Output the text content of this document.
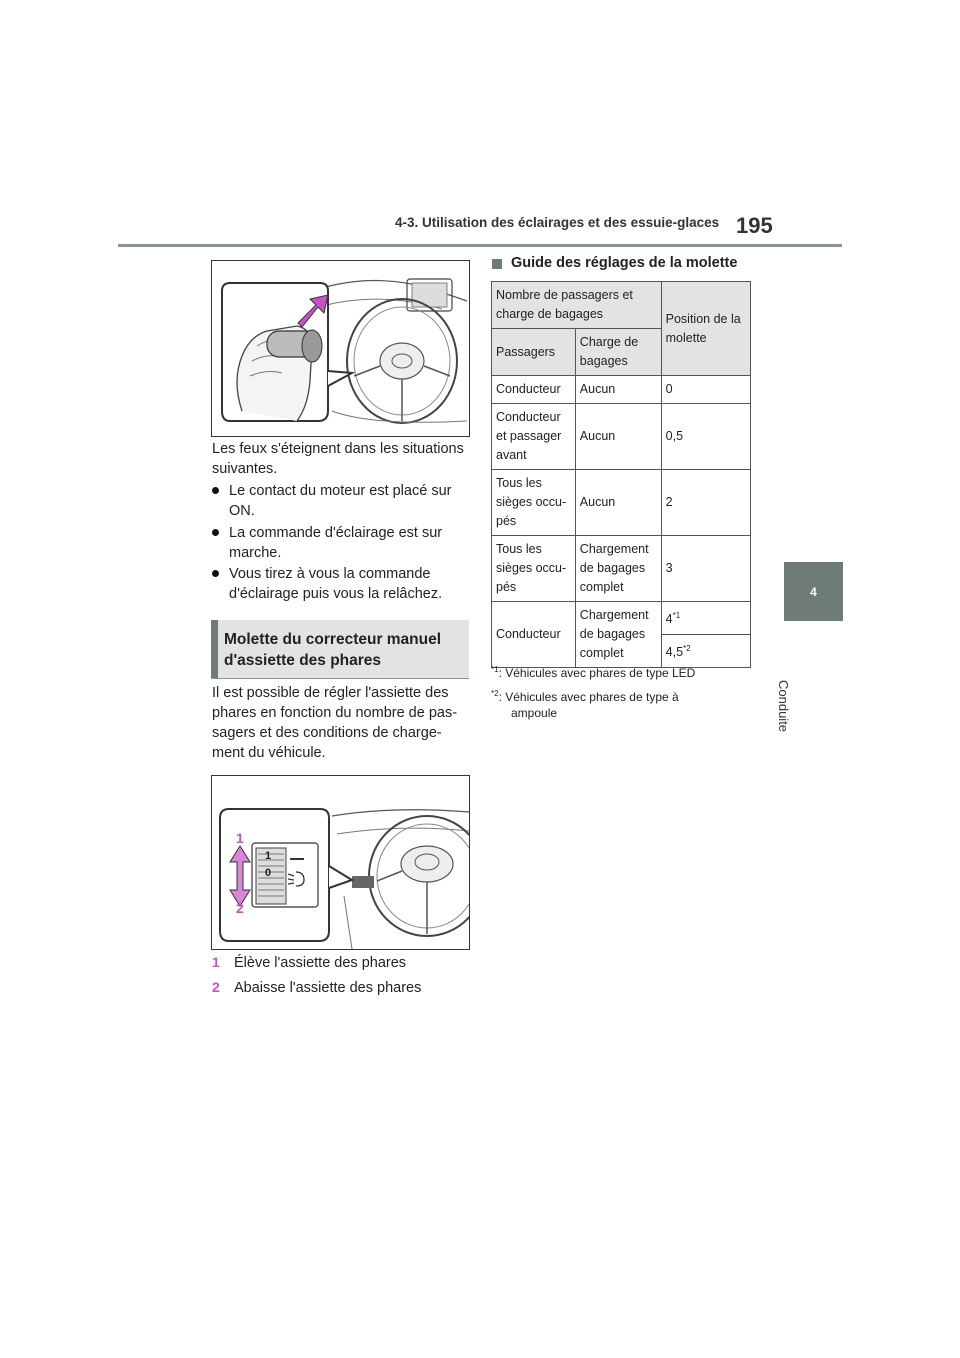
4-3. Utilisation des éclairages et des essuie-glaces 195
4
Conduite
Les feux s'éteignent dans les situations
suivantes.
Le contact du moteur est placé sur
ON.
La commande d'éclairage est sur
marche.
Vous tirez à vous la commande
d'éclairage puis vous la relâchez.
Molette du correcteur manuel
d'assiette des phares
Il est possible de régler l'assiette des
phares en fonction du nombre de pas-
sagers et des conditions de charge-
ment du véhicule.
1
2
1
0
1 Élève l'assiette des phares
2 Abaisse l'assiette des phares
Guide des réglages de la molette
Nombre de passagers et charge de bagages		Position de la molette
Passagers	Charge de bagages	
Conducteur	Aucun	0
Conducteur et passager avant	Aucun	0,5
Tous les sièges occu-pés	Aucun	2
Tous les sièges occu-pés	Chargement de bagages complet	3
Conducteur	Chargement de bagages complet	4$^{*1}$
		4,5$^{*2}$
$^{*1}$: Véhicules avec phares de type LED
$^{*2}$: Véhicules avec phares de type à
ampoule
